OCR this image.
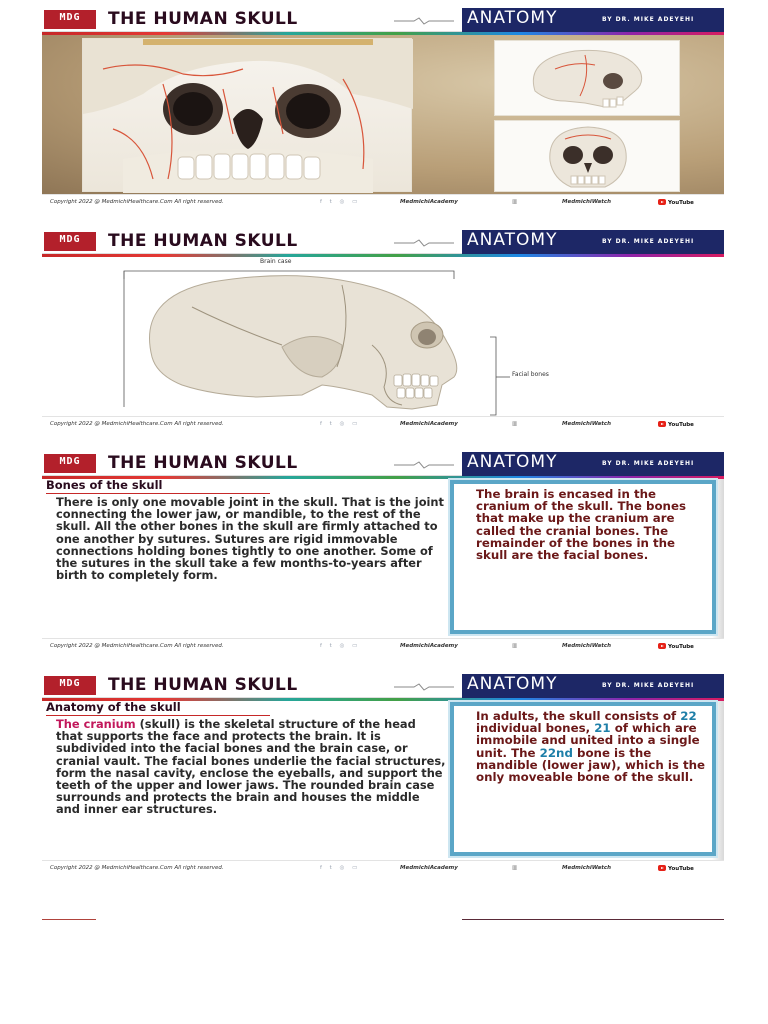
MDG	THE HUMAN SKULL	ANATOMY	BY DR. MIKE ADEYEHI
Copyright 2022 @ MedmichiHealthcare.Com All right reserved.	f t ◎ ▭	MedmichiAcademy	▥	MedmichiWatch	YouTube
MDG	THE HUMAN SKULL	ANATOMY	BY DR. MIKE ADEYEHI
Brain case
Facial bones
Copyright 2022 @ MedmichiHealthcare.Com All right reserved.	f t ◎ ▭	MedmichiAcademy	▥	MedmichiWatch	YouTube
MDG	THE HUMAN SKULL	ANATOMY	BY DR. MIKE ADEYEHI
Bones of the skull
There is only one movable joint in the skull. That is the joint connecting the lower jaw, or mandible, to the rest of the skull. All the other bones in the skull are firmly attached to one another by sutures. Sutures are rigid immovable connections holding bones tightly to one another. Some of the sutures in the skull take a few months-to-years after birth to completely form.
The brain is encased in the cranium of the skull. The bones that make up the cranium are called the cranial bones. The remainder of the bones in the skull are the facial bones.
Copyright 2022 @ MedmichiHealthcare.Com All right reserved.	f t ◎ ▭	MedmichiAcademy	▥	MedmichiWatch	YouTube
MDG	THE HUMAN SKULL	ANATOMY	BY DR. MIKE ADEYEHI
Anatomy of the skull
The cranium (skull) is the skeletal structure of the head that supports the face and protects the brain. It is subdivided into the facial bones and the brain case, or cranial vault. The facial bones underlie the facial structures, form the nasal cavity, enclose the eyeballs, and support the teeth of the upper and lower jaws. The rounded brain case surrounds and protects the brain and houses the middle and inner ear structures.
In adults, the skull consists of 22 individual bones, 21 of which are immobile and united into a single unit. The 22nd bone is the mandible (lower jaw), which is the only moveable bone of the skull.
Copyright 2022 @ MedmichiHealthcare.Com All right reserved.	f t ◎ ▭	MedmichiAcademy	▥	MedmichiWatch	YouTube
